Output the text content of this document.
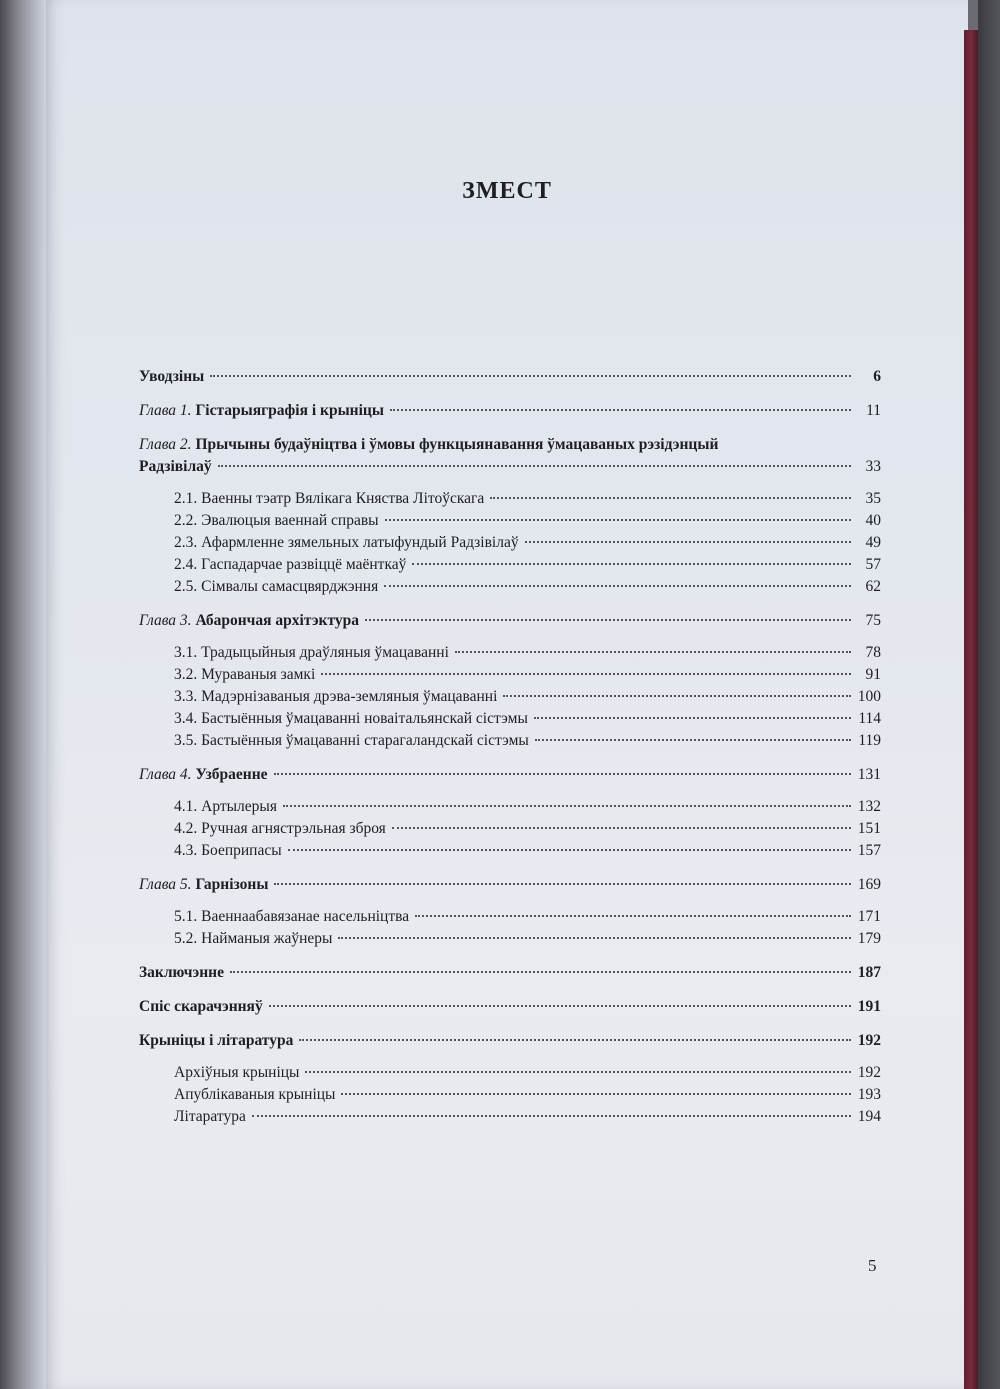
ЗМЕСТ
Уводзіны	6
Глава 1. Гістарыяграфія і крыніцы	11
Глава 2. Прычыны будаўніцтва і ўмовы функцыянавання ўмацаваных рэзідэнцый
Радзівілаў	33
2.1. Ваенны тэатр Вялікага Княства Літоўскага	35
2.2. Эвалюцыя ваеннай справы	40
2.3. Афармленне зямельных латыфундый Радзівілаў	49
2.4. Гаспадарчае развіццё маёнткаў	57
2.5. Сімвалы самасцвярджэння	62
Глава 3. Абарончая архітэктура	75
3.1. Традыцыйныя драўляныя ўмацаванні	78
3.2. Мураваныя замкі	91
3.3. Мадэрнізаваныя дрэва-земляныя ўмацаванні	100
3.4. Бастыённыя ўмацаванні новаітальянскай сістэмы	114
3.5. Бастыённыя ўмацаванні старагаландскай сістэмы	119
Глава 4. Узбраенне	131
4.1. Артылерыя	132
4.2. Ручная агнястрэльная зброя	151
4.3. Боеприпасы	157
Глава 5. Гарнізоны	169
5.1. Ваеннаабавязанае насельніцтва	171
5.2. Найманыя жаўнеры	179
Заключэнне	187
Спіс скарачэнняў	191
Крыніцы і літаратура	192
Архіўныя крыніцы	192
Апублікаваныя крыніцы	193
Літаратура	194
5
